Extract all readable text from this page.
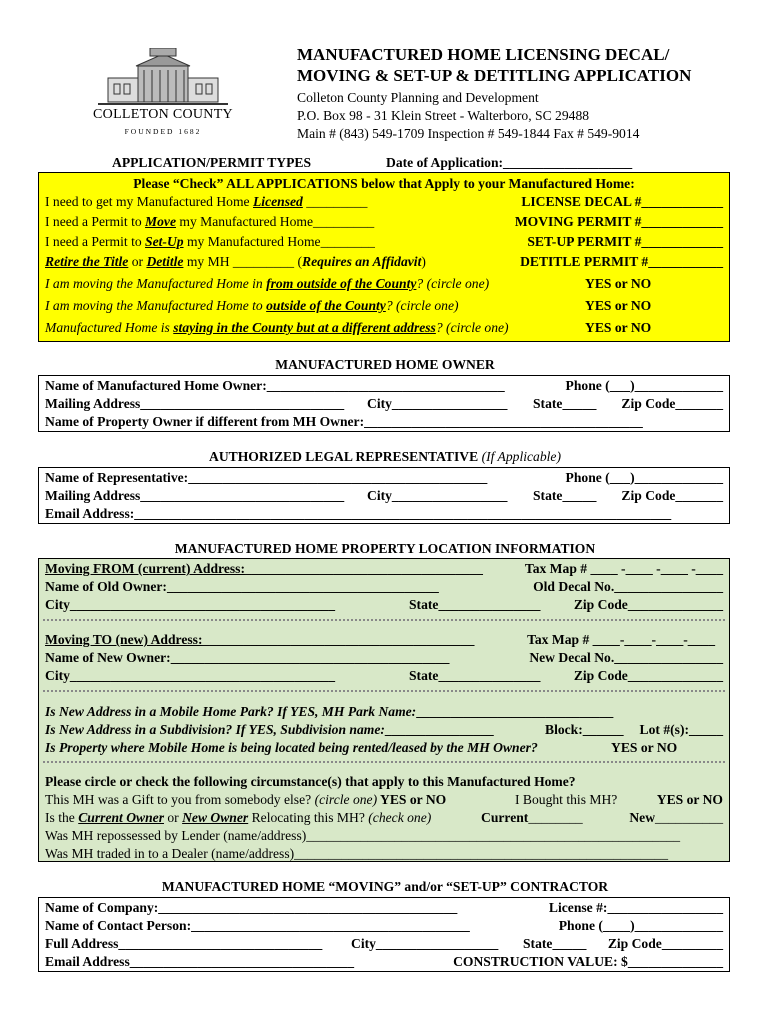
COLLETON COUNTY
FOUNDED 1682
MANUFACTURED HOME LICENSING DECAL/
MOVING & SET-UP & DETITLING APPLICATION
Colleton County Planning and Development
P.O. Box 98 - 31 Klein Street - Walterboro, SC 29488
Main # (843) 549-1709 Inspection # 549-1844 Fax # 549-9014
APPLICATION/PERMIT TYPES	Date of Application:___________________
Please “Check” ALL APPLICATIONS below that Apply to your Manufactured Home:
I need to get my Manufactured Home Licensed _________	LICENSE DECAL #____________
I need a Permit to Move my Manufactured Home_________	MOVING PERMIT #____________
I need a Permit to Set-Up my Manufactured Home________	SET-UP PERMIT #____________
Retire the Title or Detitle my MH _________ (Requires an Affidavit)	DETITLE PERMIT #___________
I am moving the Manufactured Home in from outside of the County? (circle one)	YES or NO
I am moving the Manufactured Home to outside of the County? (circle one)	YES or NO
Manufactured Home is staying in the County but at a different address? (circle one)	YES or NO
MANUFACTURED HOME OWNER
Name of Manufactured Home Owner:___________________________________	Phone (___)_____________
Mailing Address______________________________ City_________________ State_____ Zip Code_______
Name of Property Owner if different from MH Owner:_________________________________________
AUTHORIZED LEGAL REPRESENTATIVE (If Applicable)
Name of Representative:____________________________________________	Phone (___)_____________
Mailing Address______________________________ City_________________ State_____ Zip Code_______
Email Address:_______________________________________________________________________________
MANUFACTURED HOME PROPERTY LOCATION INFORMATION
Moving FROM (current) Address:___________________________________	Tax Map # ____ -____ -____ -____
Name of Old Owner:________________________________________	Old Decal No.________________
City_______________________________________	State_______________ Zip Code______________
Moving TO (new) Address:________________________________________	Tax Map # ____-____-____-____
Name of New Owner:_________________________________________	New Decal No.________________
City_______________________________________	State_______________ Zip Code______________
Is New Address in a Mobile Home Park? If YES, MH Park Name:_____________________________
Is New Address in a Subdivision? If YES, Subdivision name:________________	Block:______ Lot #(s):_____
Is Property where Mobile Home is being located being rented/leased by the MH Owner?	YES or NO
Please circle or check the following circumstance(s) that apply to this Manufactured Home?
This MH was a Gift to you from somebody else? (circle one) YES or NO	I Bought this MH?	YES or NO
Is the Current Owner or New Owner Relocating this MH? (check one)	Current________	New__________
Was MH repossessed by Lender (name/address)_______________________________________________________
Was MH traded in to a Dealer (name/address)_______________________________________________________
MANUFACTURED HOME “MOVING” and/or “SET-UP” CONTRACTOR
Name of Company:____________________________________________	License #:_________________
Name of Contact Person:_________________________________________	Phone (____)_____________
Full Address______________________________ City__________________ State_____ Zip Code_________
Email Address_________________________________	CONSTRUCTION VALUE: $______________
